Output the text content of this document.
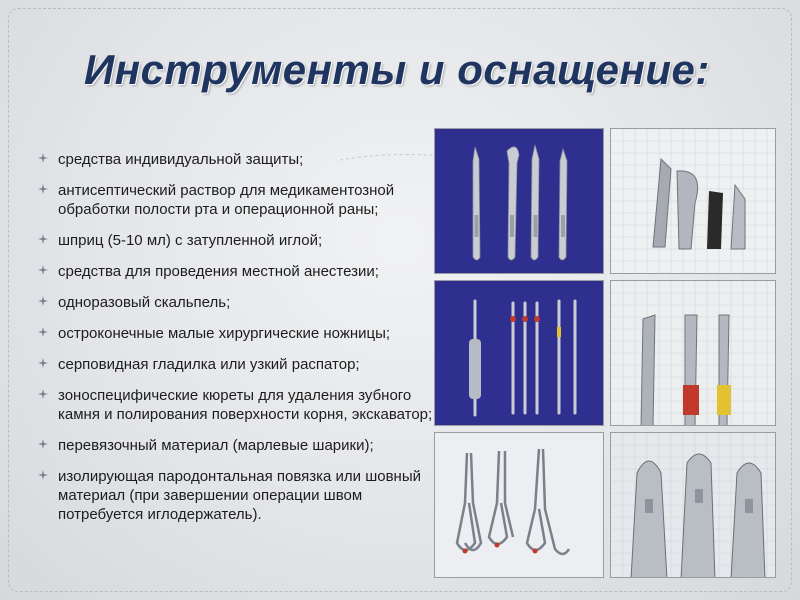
Инструменты и оснащение:
средства индивидуальной защиты;
антисептический раствор для медикаментозной обработки полости рта и операционной раны;
шприц (5-10 мл) с затупленной иглой;
средства для проведения местной анестезии;
одноразовый скальпель;
остроконечные малые хирургические ножницы;
серповидная гладилка или узкий распатор;
зоноспецифические кюреты для удаления зубного камня и полирования поверхности корня, экскаватор;
перевязочный материал (марлевые шарики);
изолирующая пародонтальная повязка или шовный материал (при завершении операции швом потребуется иглодержатель).
